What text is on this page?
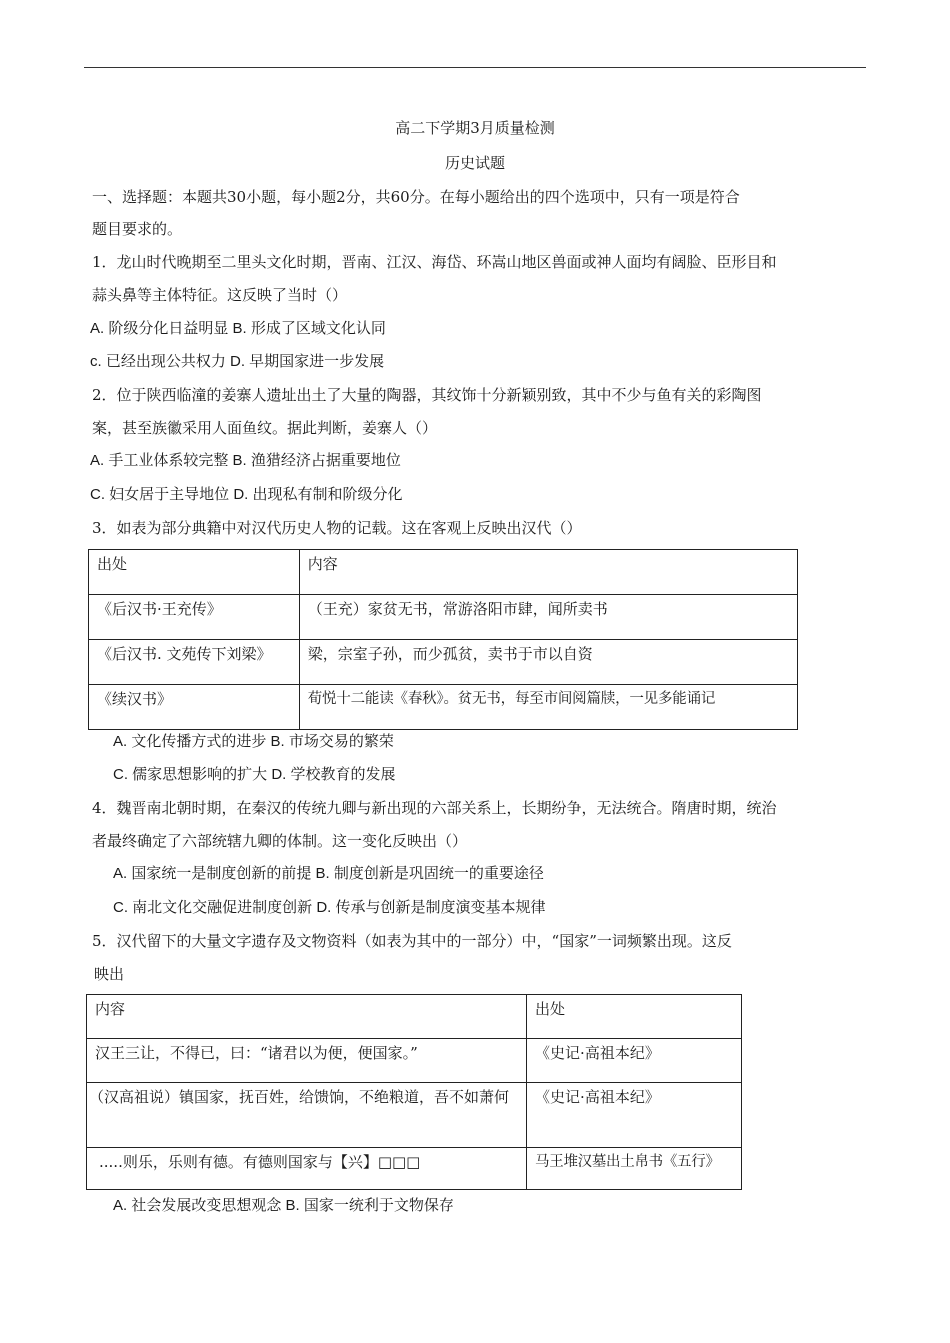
高二下学期3月质量检测
历史试题
一、选择题：本题共30小题，每小题2分，共60分。在每小题给出的四个选项中，只有一项是符合
题目要求的。
1．龙山时代晚期至二里头文化时期，晋南、江汉、海岱、环嵩山地区兽面或神人面均有阔脸、臣形目和
蒜头鼻等主体特征。这反映了当时（）
A. 阶级分化日益明显 B. 形成了区域文化认同
c. 已经出现公共权力 D. 早期国家进一步发展
2．位于陕西临潼的姜寨人遗址出土了大量的陶器，其纹饰十分新颖别致，其中不少与鱼有关的彩陶图
案，甚至族徽采用人面鱼纹。据此判断，姜寨人（）
A. 手工业体系较完整 B. 渔猎经济占据重要地位
C. 妇女居于主导地位 D. 出现私有制和阶级分化
3．如表为部分典籍中对汉代历史人物的记载。这在客观上反映出汉代（）
出处	内容
《后汉书·王充传》	（王充）家贫无书，常游洛阳市肆，闻所卖书
《后汉书. 文苑传下刘梁》	梁，宗室子孙，而少孤贫，卖书于市以自资
《续汉书》	荀悦十二能读《春秋》。贫无书，每至市间阅篇牍，一见多能诵记
A. 文化传播方式的进步 B. 市场交易的繁荣
C. 儒家思想影响的扩大 D. 学校教育的发展
4．魏晋南北朝时期，在秦汉的传统九卿与新出现的六部关系上，长期纷争，无法统合。隋唐时期，统治
者最终确定了六部统辖九卿的体制。这一变化反映出（）
A. 国家统一是制度创新的前提 B. 制度创新是巩固统一的重要途径
C. 南北文化交融促进制度创新 D. 传承与创新是制度演变基本规律
5．汉代留下的大量文字遗存及文物资料（如表为其中的一部分）中，“国家”一词频繁出现。这反
映出
内容	出处
汉王三让，不得已，曰：“诸君以为便，便国家。”	《史记·高祖本纪》
（汉高祖说）镇国家，抚百姓，给馈饷，不绝粮道，吾不如萧何	《史记·高祖本纪》
.....则乐，乐则有德。有德则国家与【兴】□□□	马王堆汉墓出土帛书《五行》
A. 社会发展改变思想观念 B. 国家一统利于文物保存
